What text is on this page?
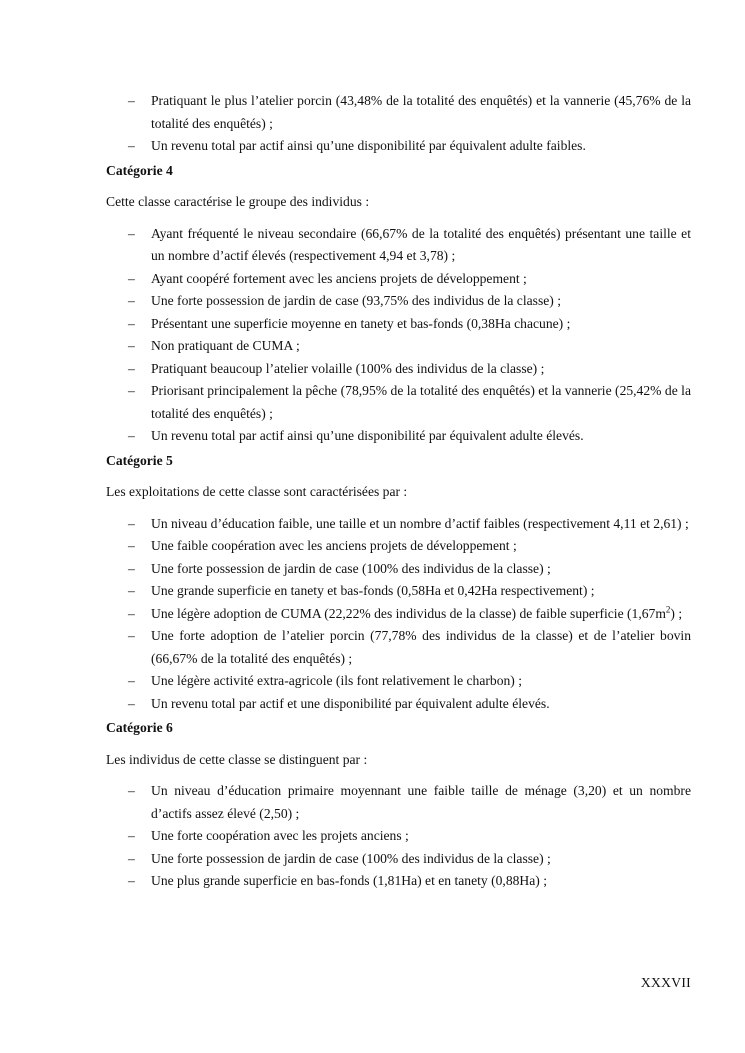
– Pratiquant le plus l’atelier porcin (43,48% de la totalité des enquêtés) et la vannerie (45,76% de la totalité des enquêtés) ;
– Un revenu total par actif ainsi qu’une disponibilité par équivalent adulte faibles.
Catégorie 4
Cette classe caractérise le groupe des individus :
– Ayant fréquenté le niveau secondaire (66,67% de la totalité des enquêtés) présentant une taille et un nombre d’actif élevés (respectivement 4,94 et 3,78) ;
– Ayant coopéré fortement avec les anciens projets de développement ;
– Une forte possession de jardin de case (93,75% des individus de la classe) ;
– Présentant une superficie moyenne en tanety et bas-fonds (0,38Ha chacune) ;
– Non pratiquant de CUMA ;
– Pratiquant beaucoup l’atelier volaille (100% des individus de la classe) ;
– Priorisant principalement la pêche (78,95% de la totalité des enquêtés) et la vannerie (25,42% de la totalité des enquêtés) ;
– Un revenu total par actif ainsi qu’une disponibilité par équivalent adulte élevés.
Catégorie 5
Les exploitations de cette classe sont caractérisées par :
– Un niveau d’éducation faible, une taille et un nombre d’actif faibles (respectivement 4,11 et 2,61) ;
– Une faible coopération avec les anciens projets de développement ;
– Une forte possession de jardin de case (100% des individus de la classe) ;
– Une grande superficie en tanety et bas-fonds (0,58Ha et 0,42Ha respectivement) ;
– Une légère adoption de CUMA (22,22% des individus de la classe) de faible superficie $(1,67m^2)$ ;
– Une forte adoption de l’atelier porcin (77,78% des individus de la classe) et de l’atelier bovin (66,67% de la totalité des enquêtés) ;
– Une légère activité extra-agricole (ils font relativement le charbon) ;
– Un revenu total par actif et une disponibilité par équivalent adulte élevés.
Catégorie 6
Les individus de cette classe se distinguent par :
– Un niveau d’éducation primaire moyennant une faible taille de ménage (3,20) et un nombre d’actifs assez élevé (2,50) ;
– Une forte coopération avec les projets anciens ;
– Une forte possession de jardin de case (100% des individus de la classe) ;
– Une plus grande superficie en bas-fonds (1,81Ha) et en tanety (0,88Ha) ;
XXXVII
